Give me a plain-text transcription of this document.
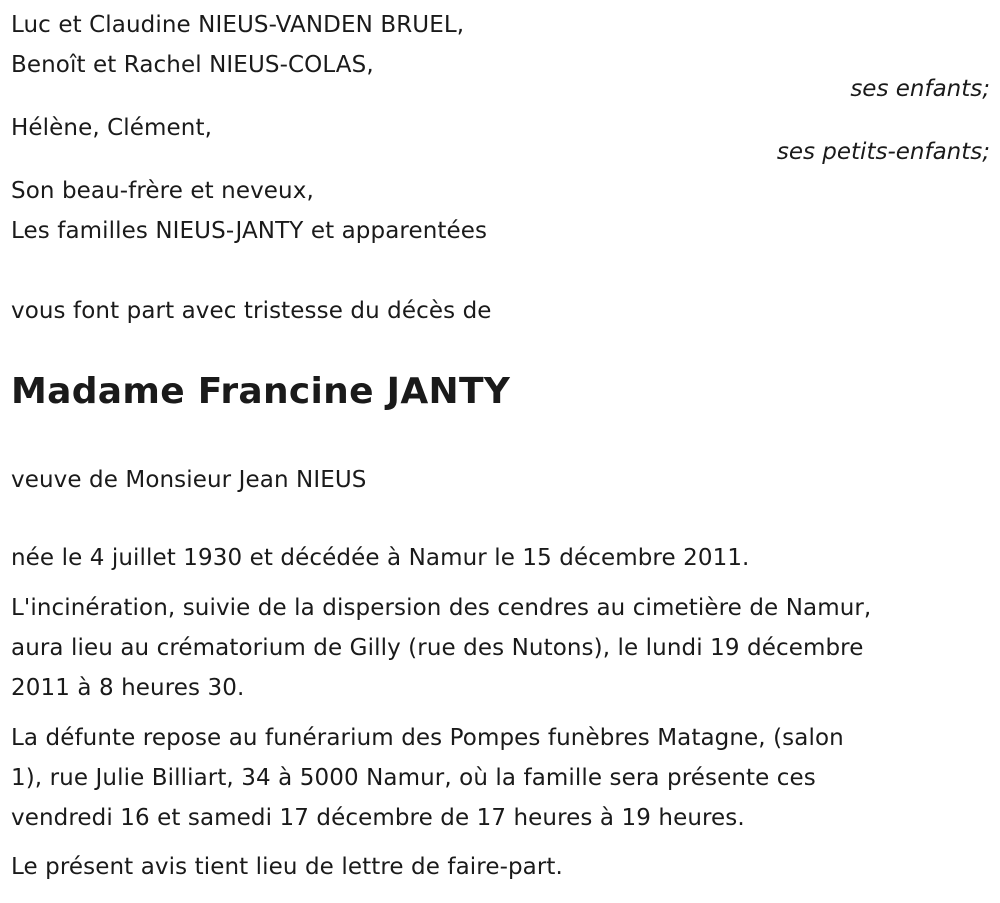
Luc et Claudine NIEUS-VANDEN BRUEL,
Benoît et Rachel NIEUS-COLAS,
ses enfants;
Hélène, Clément,
ses petits-enfants;
Son beau-frère et neveux,
Les familles NIEUS-JANTY et apparentées
vous font part avec tristesse du décès de
Madame Francine JANTY
veuve de Monsieur Jean NIEUS
née le 4 juillet 1930 et décédée à Namur le 15 décembre 2011.
L'incinération, suivie de la dispersion des cendres au cimetière de Namur,
aura lieu au crématorium de Gilly (rue des Nutons), le lundi 19 décembre
2011 à 8 heures 30.
La défunte repose au funérarium des Pompes funèbres Matagne, (salon
1), rue Julie Billiart, 34 à 5000 Namur, où la famille sera présente ces
vendredi 16 et samedi 17 décembre de 17 heures à 19 heures.
Le présent avis tient lieu de lettre de faire-part.
